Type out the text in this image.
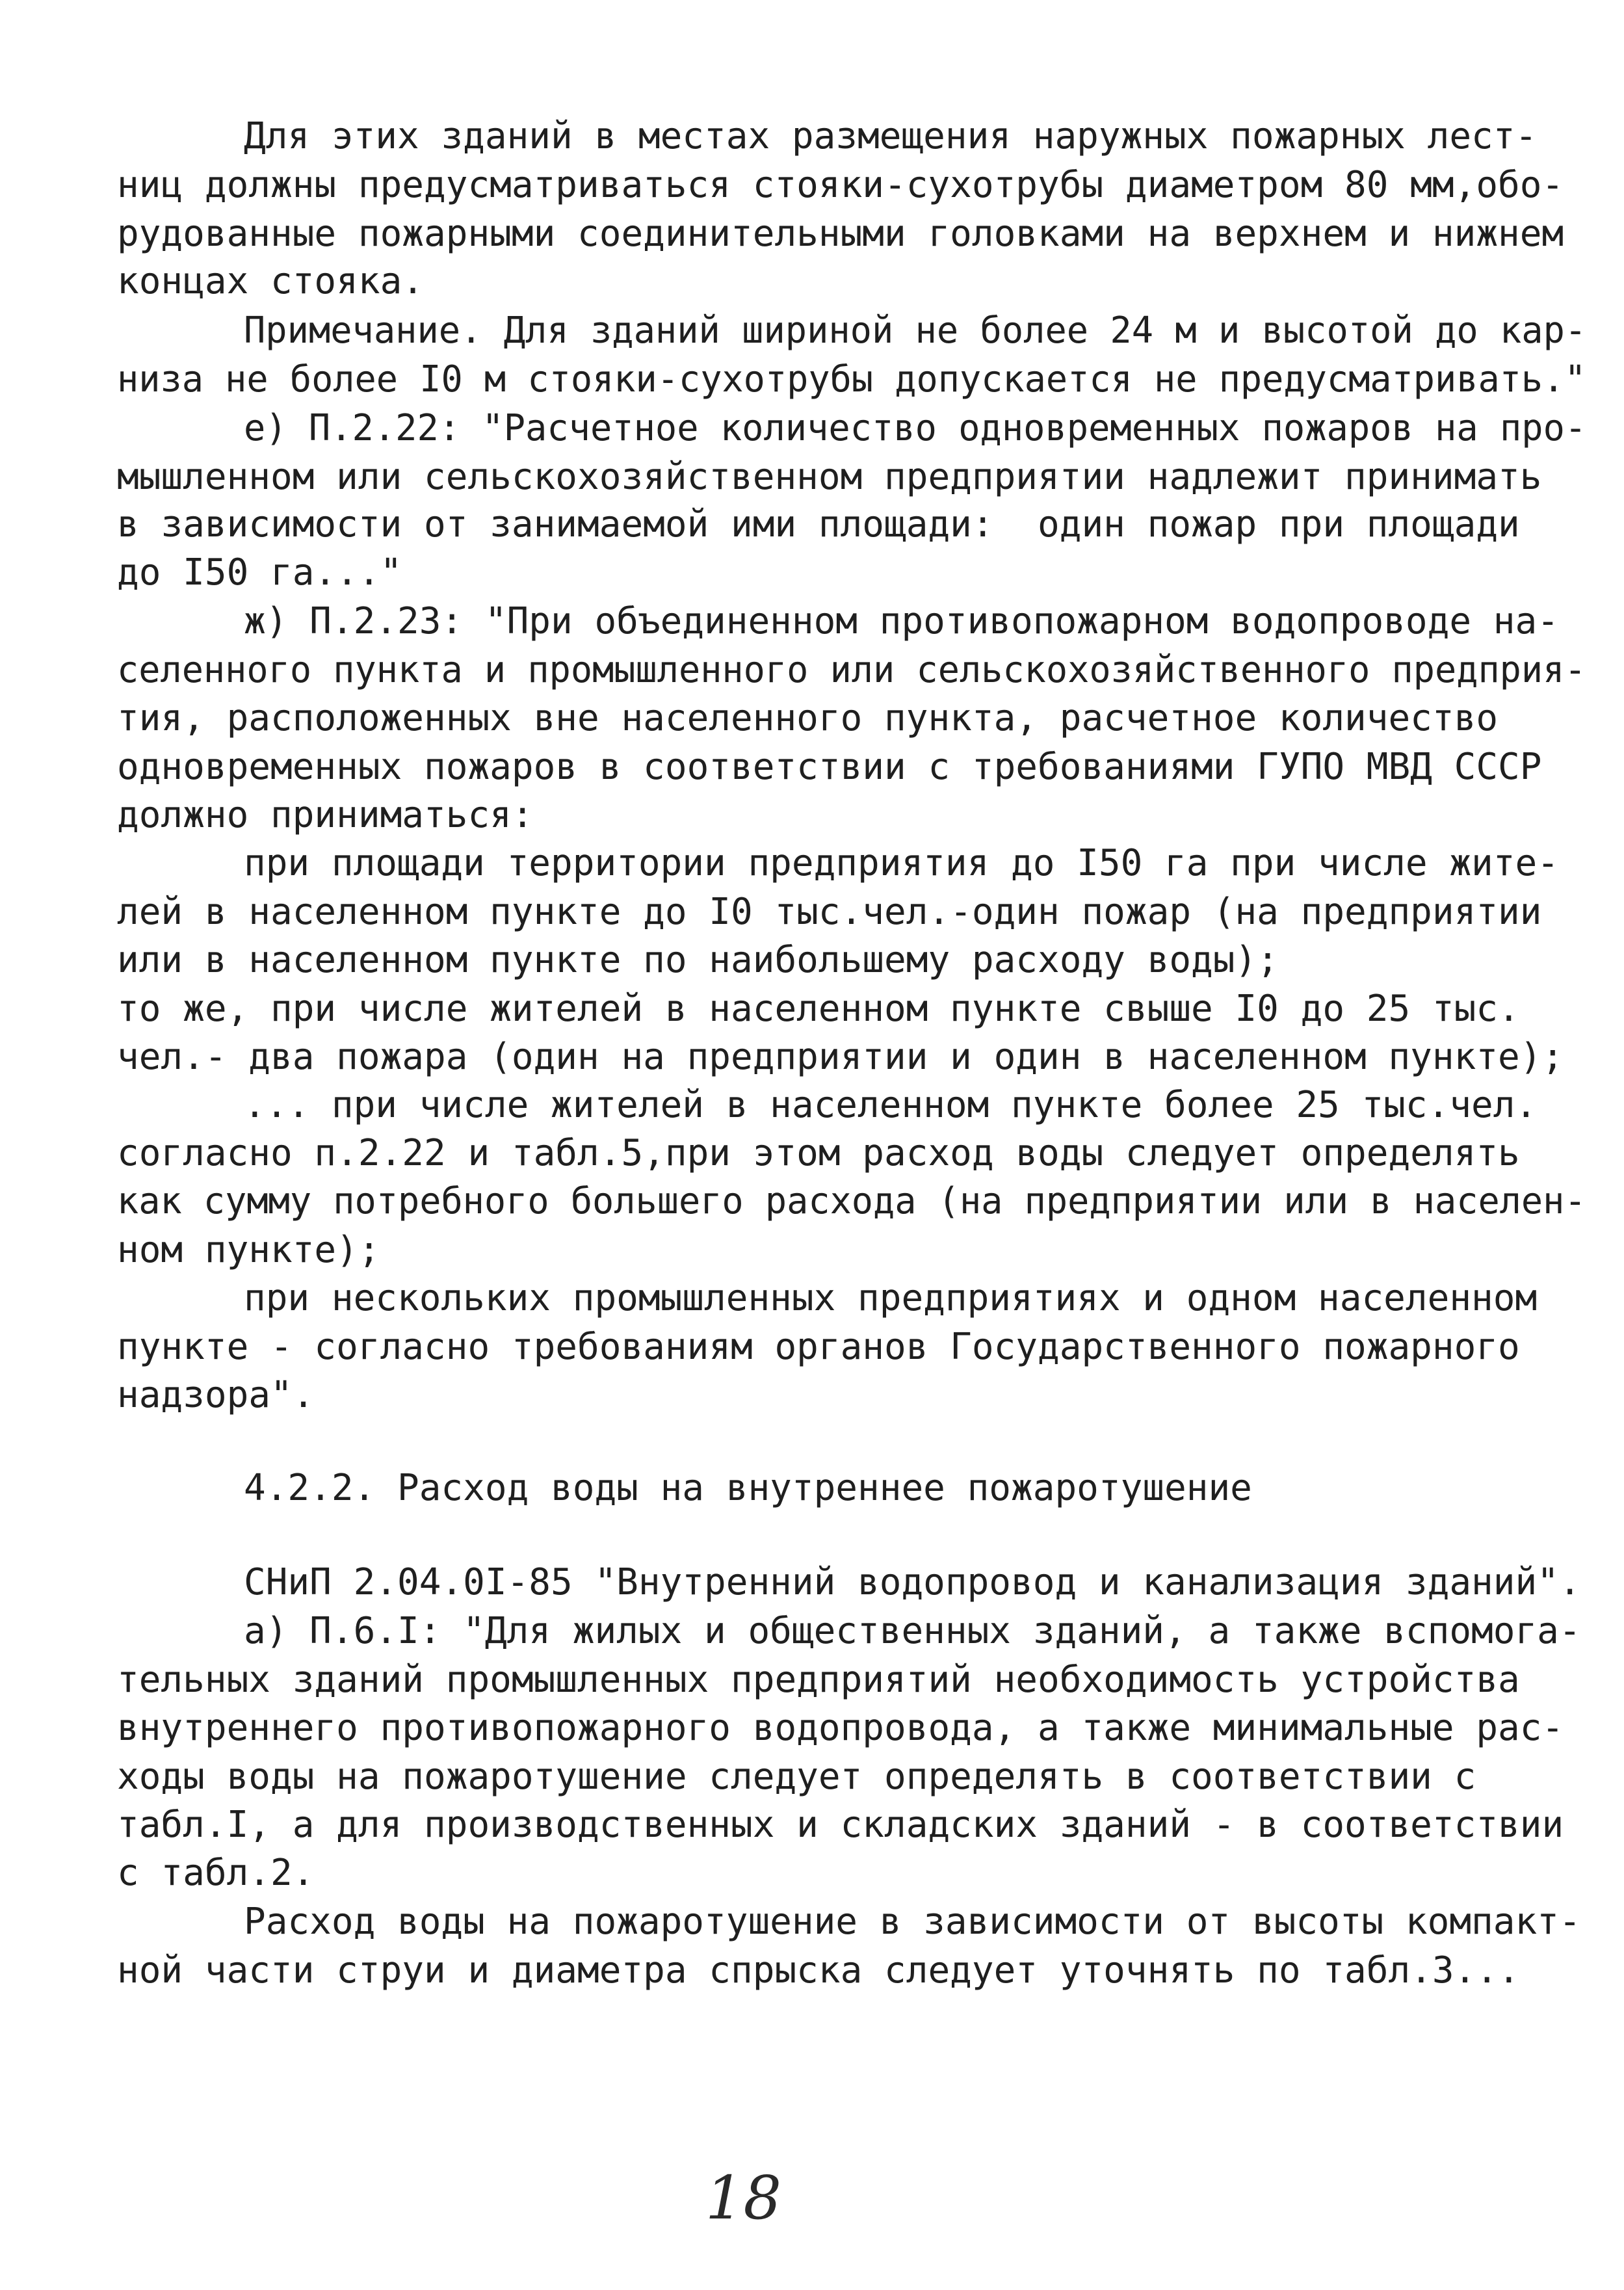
Для этих зданий в местах размещения наружных пожарных лест-
ниц должны предусматриваться стояки-сухотрубы диаметром 80 мм,обо-
рудованные пожарными соединительными головками на верхнем и нижнем
концах стояка.
Примечание. Для зданий шириной не более 24 м и высотой до кар-
низа не более I0 м стояки-сухотрубы допускается не предусматривать."
е) П.2.22: "Расчетное количество одновременных пожаров на про-
мышленном или сельскохозяйственном предприятии надлежит принимать
в зависимости от занимаемой ими площади:  один пожар при площади
до I50 га..."
ж) П.2.23: "При объединенном противопожарном водопроводе на-
селенного пункта и промышленного или сельскохозяйственного предприя-
тия, расположенных вне населенного пункта, расчетное количество
одновременных пожаров в соответствии с требованиями ГУПО МВД СССР
должно приниматься:
при площади территории предприятия до I50 га при числе жите-
лей в населенном пункте до I0 тыс.чел.-один пожар (на предприятии
или в населенном пункте по наибольшему расходу воды);
то же, при числе жителей в населенном пункте свыше I0 до 25 тыс.
чел.- два пожара (один на предприятии и один в населенном пункте);
... при числе жителей в населенном пункте более 25 тыс.чел.
согласно п.2.22 и табл.5,при этом расход воды следует определять
как сумму потребного большего расхода (на предприятии или в населен-
ном пункте);
при нескольких промышленных предприятиях и одном населенном
пункте - согласно требованиям органов Государственного пожарного
надзора".
4.2.2. Расход воды на внутреннее пожаротушение
СНиП 2.04.0I-85 "Внутренний водопровод и канализация зданий".
а) П.6.I: "Для жилых и общественных зданий, а также вспомога-
тельных зданий промышленных предприятий необходимость устройства
внутреннего противопожарного водопровода, а также минимальные рас-
ходы воды на пожаротушение следует определять в соответствии с
табл.I, а для производственных и складских зданий - в соответствии
с табл.2.
Расход воды на пожаротушение в зависимости от высоты компакт-
ной части струи и диаметра спрыска следует уточнять по табл.3...
18
